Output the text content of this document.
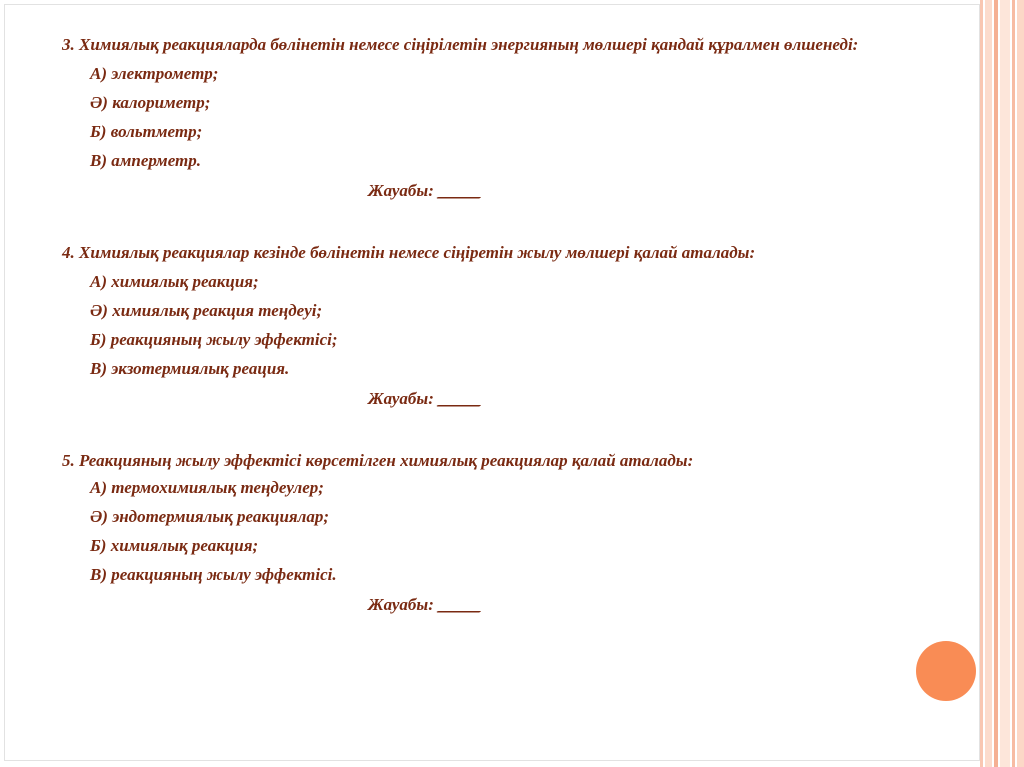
3. Химиялық реакцияларда бөлінетін немесе сіңірілетін энергияның мөлшері қандай құралмен өлшенеді:
А) электрометр;
Ә) калориметр;
Б) вольтметр;
В) амперметр.
Жауабы: _____
4. Химиялық реакциялар кезінде бөлінетін немесе сіңіретін жылу мөлшері қалай аталады:
А) химиялық реакция;
Ә) химиялық реакция теңдеуі;
Б) реакцияның жылу эффектісі;
В) экзотермиялық реация.
Жауабы: _____
5. Реакцияның жылу эффектісі көрсетілген химиялық реакциялар қалай аталады:
А) термохимиялық теңдеулер;
Ә) эндотермиялық реакциялар;
Б) химиялық реакция;
В) реакцияның жылу эффектісі.
Жауабы: _____
